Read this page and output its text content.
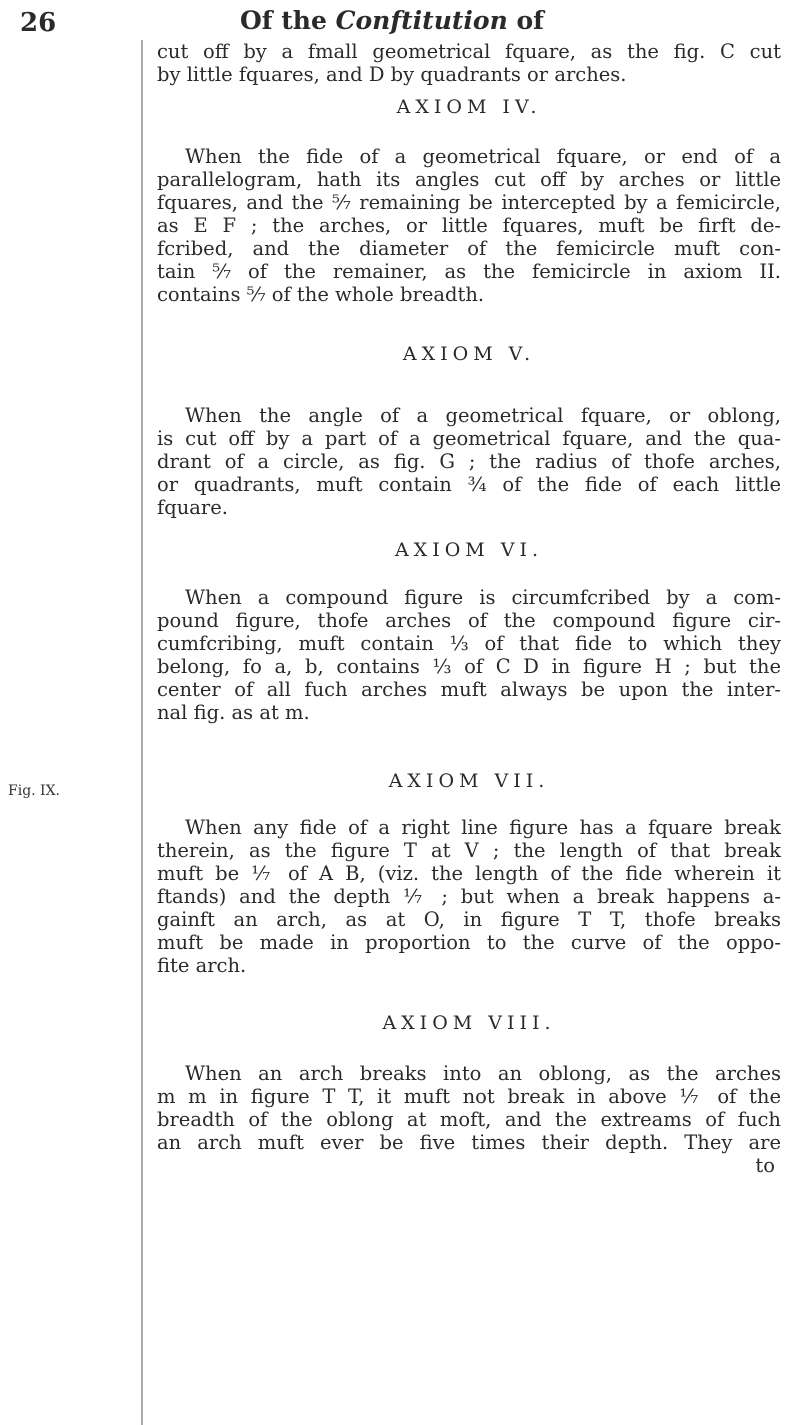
26	Of the Conftitution of
Fig. IX.
cut off by a fmall geometrical fquare, as the fig. C cut
by little fquares, and D by quadrants or arches.
AXIOM IV.
When the fide of a geometrical fquare, or end of a
parallelogram, hath its angles cut off by arches or little
fquares, and the ⁵⁄₇ remaining be intercepted by a femicircle,
as E F ; the arches, or little fquares, muft be firft de-
fcribed, and the diameter of the femicircle muft con-
tain ⁵⁄₇ of the remainer, as the femicircle in axiom II.
contains ⁵⁄₇ of the whole breadth.
AXIOM V.
When the angle of a geometrical fquare, or oblong,
is cut off by a part of a geometrical fquare, and the qua-
drant of a circle, as fig. G ; the radius of thofe arches,
or quadrants, muft contain ¾ of the fide of each little
fquare.
AXIOM VI.
When a compound figure is circumfcribed by a com-
pound figure, thofe arches of the compound figure cir-
cumfcribing, muft contain ⅓ of that fide to which they
belong, fo a, b, contains ⅓ of C D in figure H ; but the
center of all fuch arches muft always be upon the inter-
nal fig. as at m.
AXIOM VII.
When any fide of a right line figure has a fquare break
therein, as the figure T at V ; the length of that break
muft be ⅐ of A B, (viz. the length of the fide wherein it
ftands) and the depth ⅐ ; but when a break happens a-
gainft an arch, as at O, in figure T T, thofe breaks
muft be made in proportion to the curve of the oppo-
fite arch.
AXIOM VIII.
When an arch breaks into an oblong, as the arches
m m in figure T T, it muft not break in above ⅐ of the
breadth of the oblong at moft, and the extreams of fuch
an arch muft ever be five times their depth. They are
to
